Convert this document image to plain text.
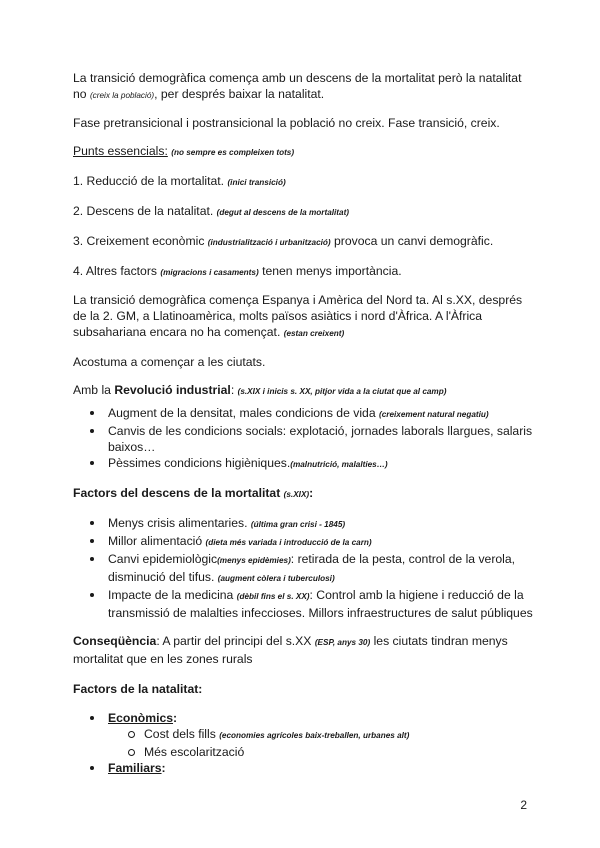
La transició demogràfica comença amb un descens de la mortalitat però la natalitat no (creix la població), per després baixar la natalitat.

Fase pretransicional i postransicional la població no creix. Fase transició, creix.

Punts essencials: (no sempre es compleixen tots)

1. Reducció de la mortalitat. (inici transició)

2. Descens de la natalitat. (degut al descens de la mortalitat)

3. Creixement econòmic (industrialització i urbanització) provoca un canvi demogràfic.

4. Altres factors (migracions i casaments) tenen menys importància.

La transició demogràfica comença Espanya i Amèrica del Nord ta. Al s.XX, després de la 2. GM, a Llatinoamèrica, molts països asiàtics i nord d'Àfrica. A l'Àfrica subsahariana encara no ha començat. (estan creixent)

Acostuma a començar a les ciutats.

Amb la Revolució industrial: (s.XIX i inicis s. XX, pitjor vida a la ciutat que al camp)

Augment de la densitat, males condicions de vida (creixement natural negatiu)
Canvis de les condicions socials: explotació, jornades laborals llargues, salaris baixos…
Pèssimes condicions higièniques.(malnutrició, malalties…)

Factors del descens de la mortalitat (s.XIX):

Menys crisis alimentaries. (última gran crisi - 1845)
Millor alimentació (dieta més variada i introducció de la carn)
Canvi epidemiològic(menys epidèmies): retirada de la pesta, control de la verola, disminució del tifus. (augment còlera i tuberculosi)
Impacte de la medicina (dèbil fins el s. XX): Control amb la higiene i reducció de la transmissió de malalties infeccioses. Millors infraestructures de salut públiques

Conseqüència: A partir del principi del s.XX (ESP, anys 30) les ciutats tindran menys mortalitat que en les zones rurals

Factors de la natalitat:

Econòmics:
Cost dels fills (economies agrícoles baix-treballen, urbanes alt)
Més escolarització
Familiars:
2
